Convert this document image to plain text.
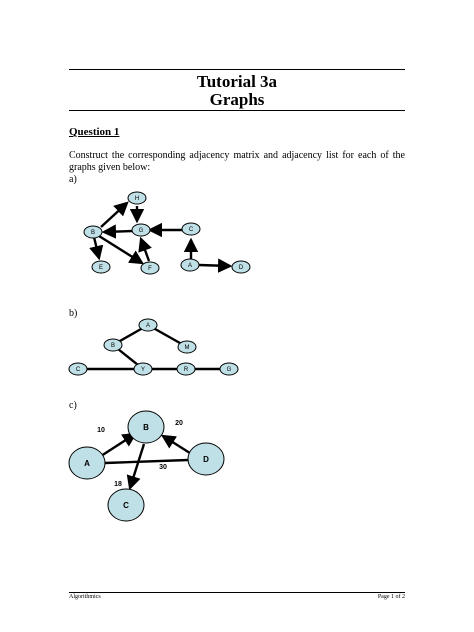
Tutorial 3a
Graphs
Question 1
Construct the corresponding adjacency matrix and adjacency list for each of the graphs given below:
a)
b)
c)
H
B	G	C
E	F	A	D
A
B	M
C	Y	R	G
B
A	D
C
10
20
30
18
Algorithmics	Page 1 of 2
